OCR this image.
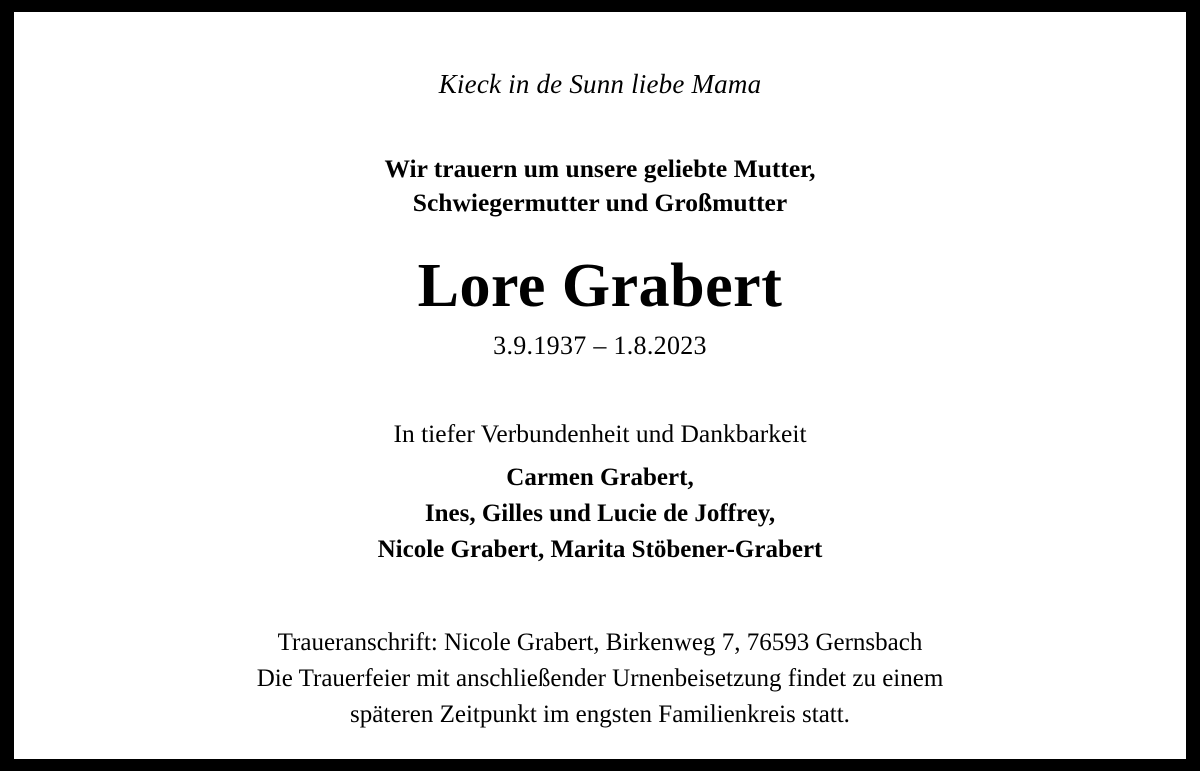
Kieck in de Sunn liebe Mama
Wir trauern um unsere geliebte Mutter,
Schwiegermutter und Großmutter
Lore Grabert
3.9.1937 – 1.8.2023
In tiefer Verbundenheit und Dankbarkeit
Carmen Grabert,
Ines, Gilles und Lucie de Joffrey,
Nicole Grabert, Marita Stöbener-Grabert
Traueranschrift: Nicole Grabert, Birkenweg 7, 76593 Gernsbach
Die Trauerfeier mit anschließender Urnenbeisetzung findet zu einem
späteren Zeitpunkt im engsten Familienkreis statt.
